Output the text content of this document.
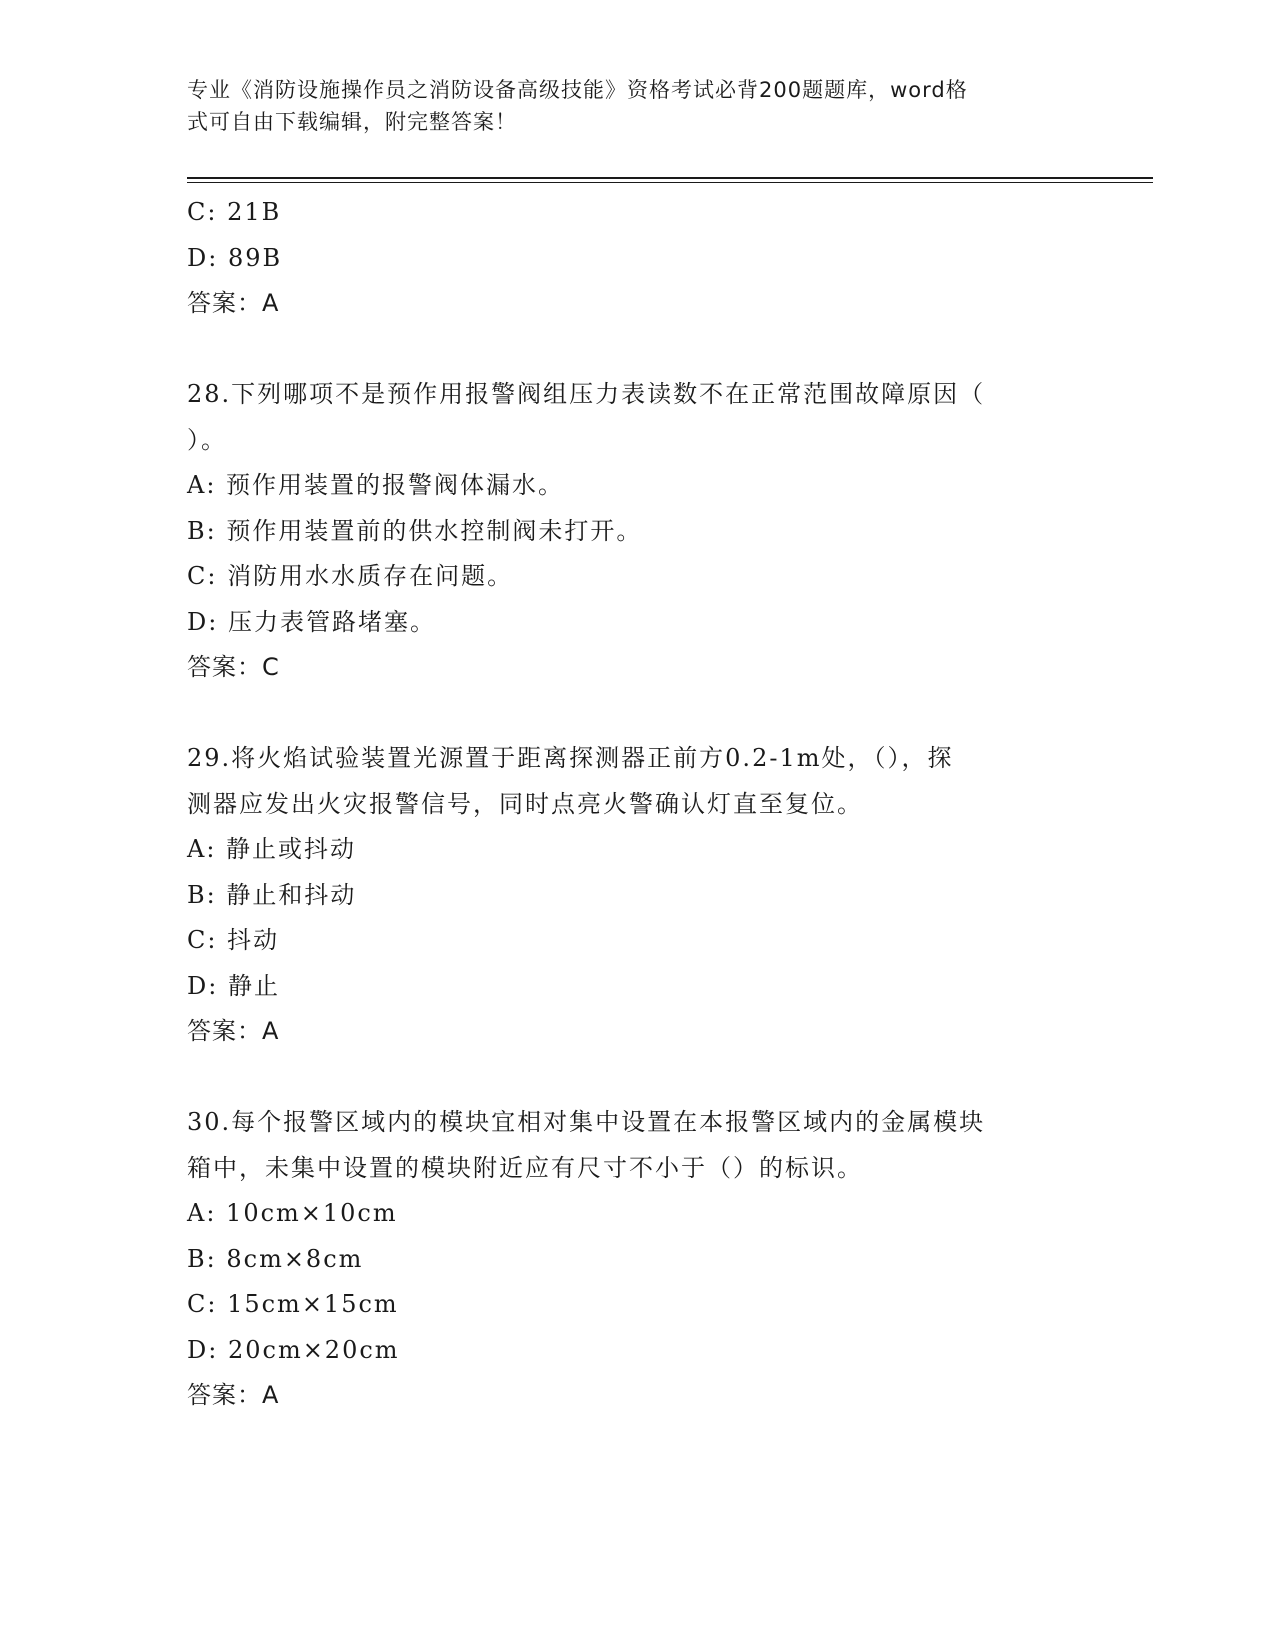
专业《消防设施操作员之消防设备高级技能》资格考试必背200题题库，word格
式可自由下载编辑，附完整答案！
C: 21B
D: 89B
答案：A
28.下列哪项不是预作用报警阀组压力表读数不在正常范围故障原因（
）。
A: 预作用装置的报警阀体漏水。
B: 预作用装置前的供水控制阀未打开。
C: 消防用水水质存在问题。
D: 压力表管路堵塞。
答案：C
29.将火焰试验装置光源置于距离探测器正前方0.2-1m处，（），探
测器应发出火灾报警信号，同时点亮火警确认灯直至复位。
A: 静止或抖动
B: 静止和抖动
C: 抖动
D: 静止
答案：A
30.每个报警区域内的模块宜相对集中设置在本报警区域内的金属模块
箱中，未集中设置的模块附近应有尺寸不小于（）的标识。
A: 10cm×10cm
B: 8cm×8cm
C: 15cm×15cm
D: 20cm×20cm
答案：A
